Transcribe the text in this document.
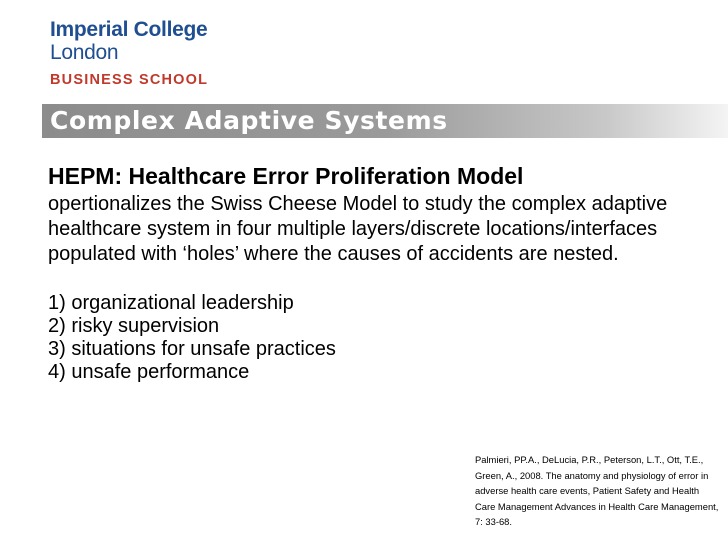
Imperial College
London
BUSINESS SCHOOL
Complex Adaptive Systems
HEPM: Healthcare Error Proliferation Model

opertionalizes the Swiss Cheese Model to study the complex adaptive healthcare system in four multiple layers/discrete locations/interfaces populated with ‘holes’ where the causes of accidents are nested.

1) organizational leadership
2) risky supervision
3) situations for unsafe practices
4) unsafe performance
Palmieri, PP.A., DeLucia, P.R., Peterson, L.T., Ott, T.E., Green, A., 2008. The anatomy and physiology of error in adverse health care events, Patient Safety and Health Care Management Advances in Health Care Management, 7: 33-68.
